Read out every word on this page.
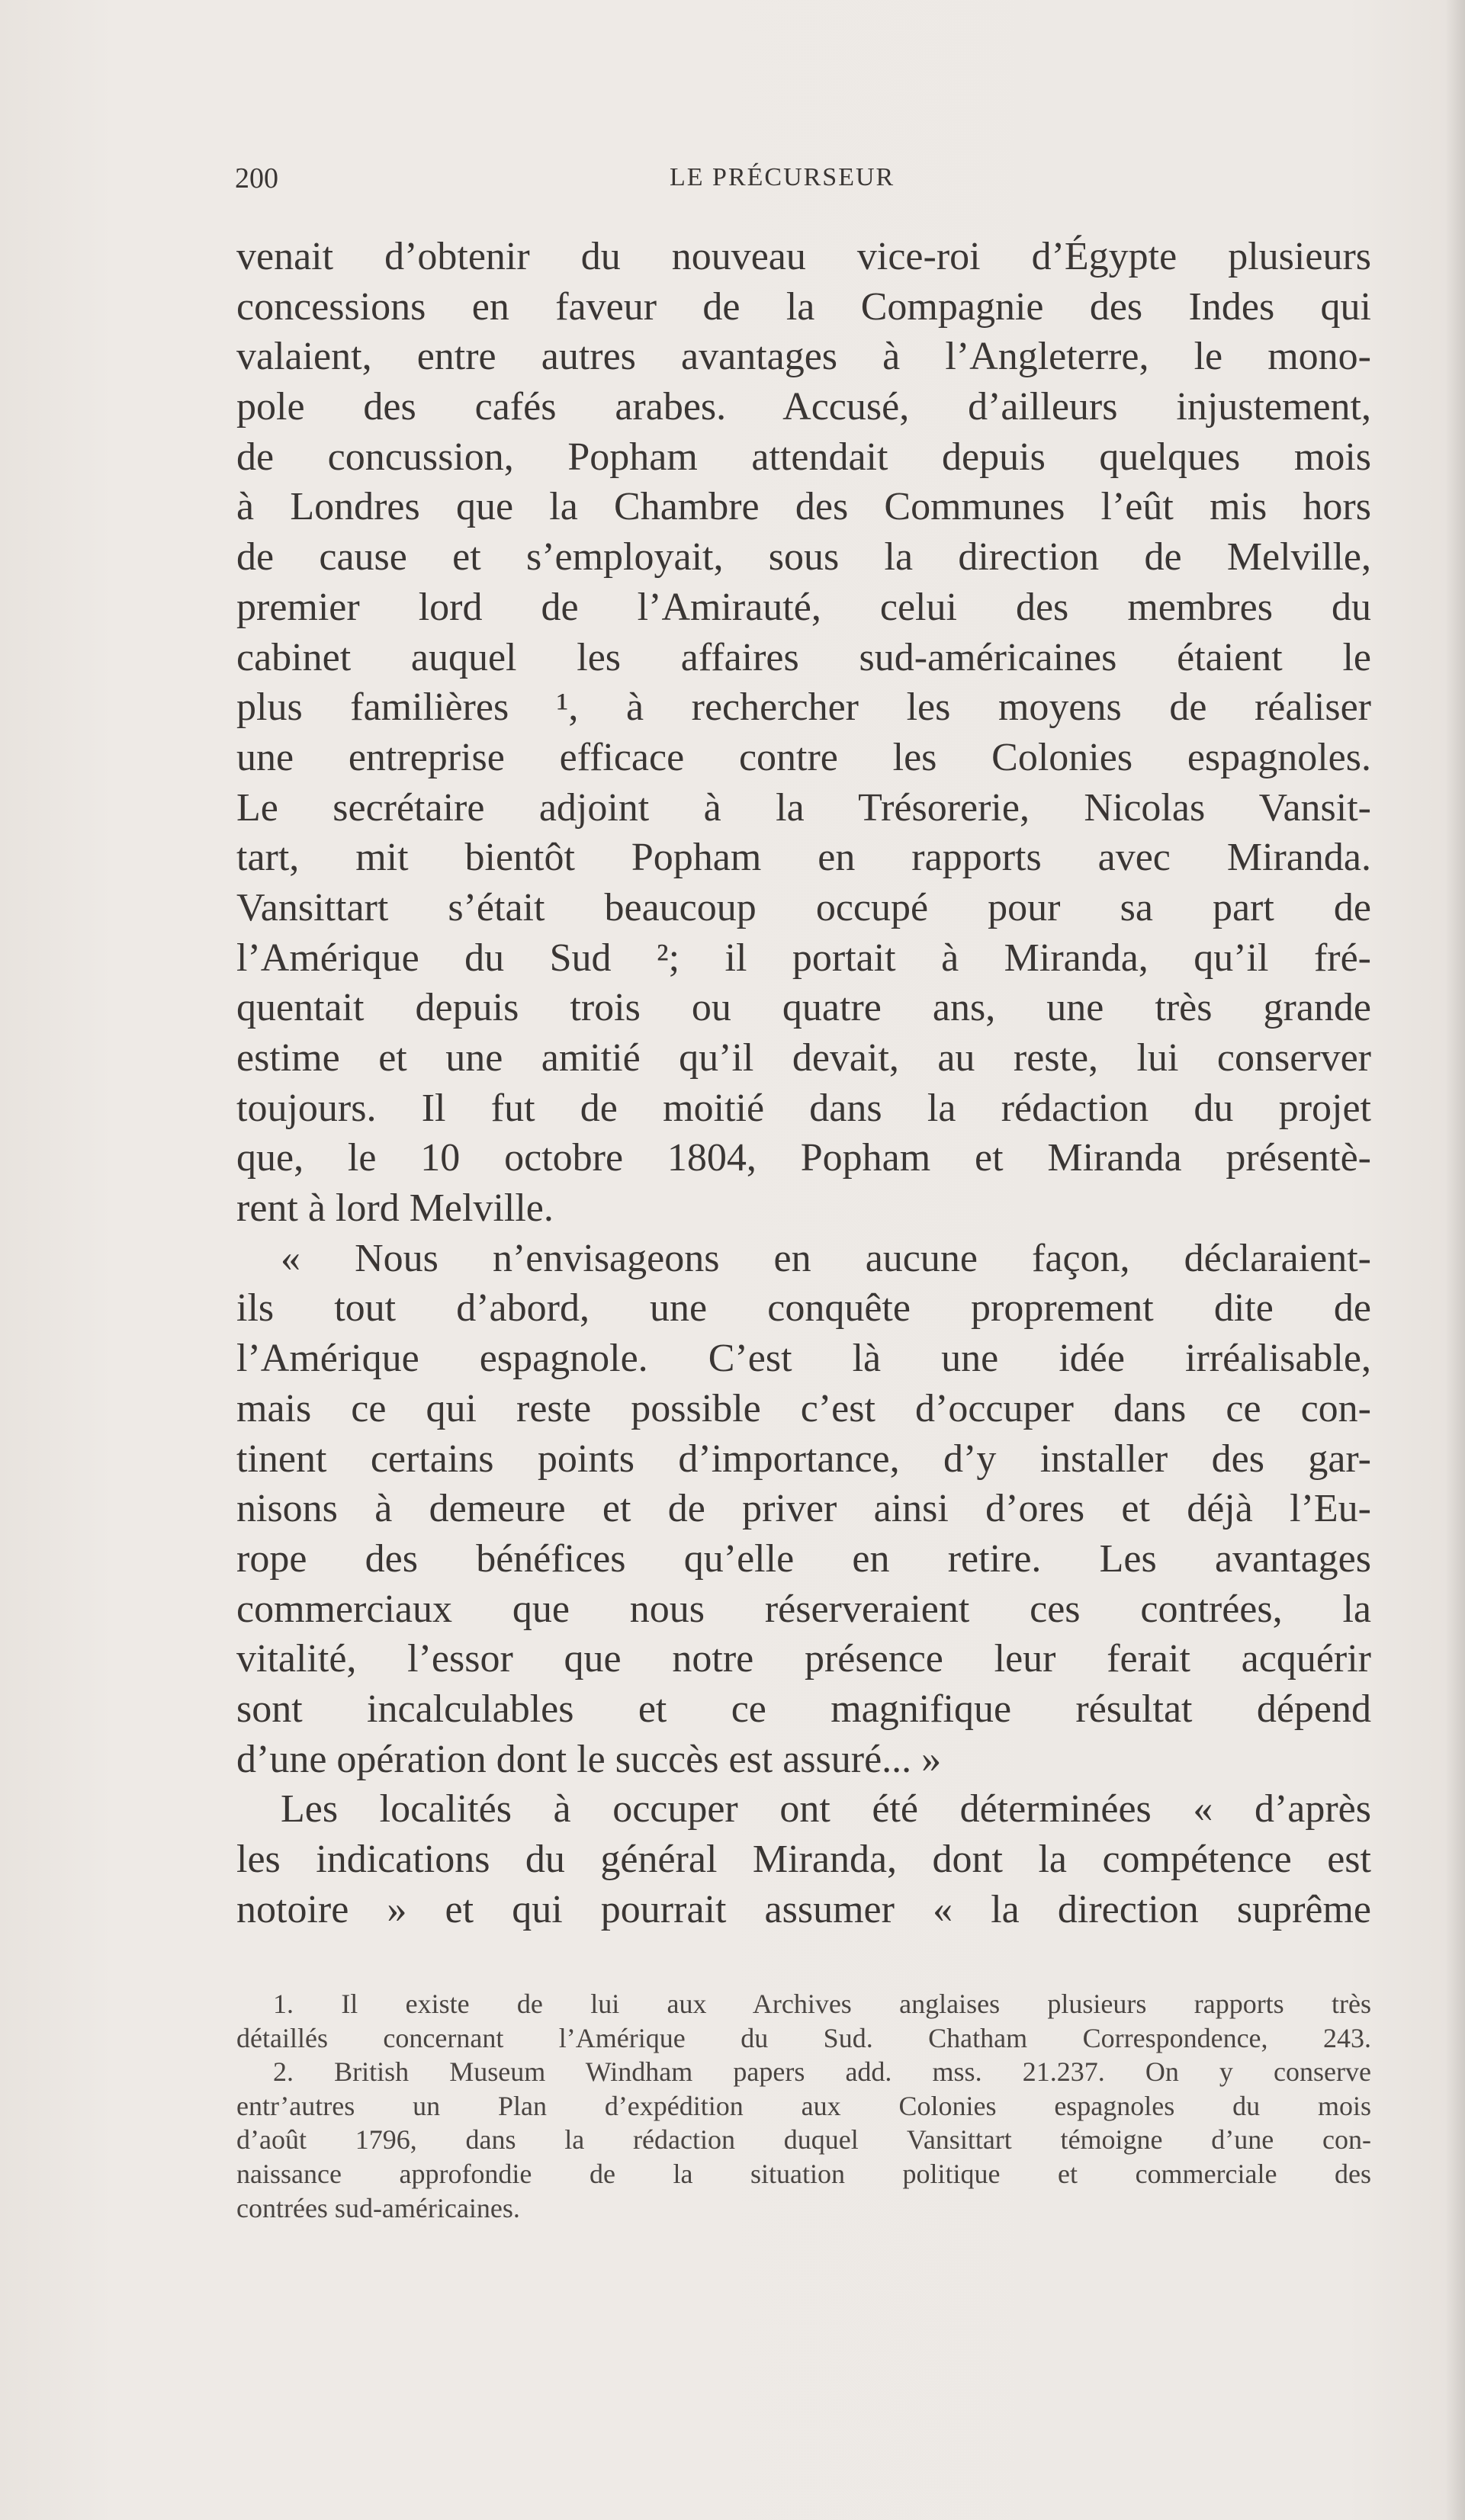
200	LE PRÉCURSEUR
venait d’obtenir du nouveau vice-roi d’Égypte plusieurs
concessions en faveur de la Compagnie des Indes qui
valaient, entre autres avantages à l’Angleterre, le mono-
pole des cafés arabes. Accusé, d’ailleurs injustement,
de concussion, Popham attendait depuis quelques mois
à Londres que la Chambre des Communes l’eût mis hors
de cause et s’employait, sous la direction de Melville,
premier lord de l’Amirauté, celui des membres du
cabinet auquel les affaires sud-américaines étaient le
plus familières ¹, à rechercher les moyens de réaliser
une entreprise efficace contre les Colonies espagnoles.
Le secrétaire adjoint à la Trésorerie, Nicolas Vansit-
tart, mit bientôt Popham en rapports avec Miranda.
Vansittart s’était beaucoup occupé pour sa part de
l’Amérique du Sud ²; il portait à Miranda, qu’il fré-
quentait depuis trois ou quatre ans, une très grande
estime et une amitié qu’il devait, au reste, lui conserver
toujours. Il fut de moitié dans la rédaction du projet
que, le 10 octobre 1804, Popham et Miranda présentè-
rent à lord Melville.
« Nous n’envisageons en aucune façon, déclaraient-
ils tout d’abord, une conquête proprement dite de
l’Amérique espagnole. C’est là une idée irréalisable,
mais ce qui reste possible c’est d’occuper dans ce con-
tinent certains points d’importance, d’y installer des gar-
nisons à demeure et de priver ainsi d’ores et déjà l’Eu-
rope des bénéfices qu’elle en retire. Les avantages
commerciaux que nous réserveraient ces contrées, la
vitalité, l’essor que notre présence leur ferait acquérir
sont incalculables et ce magnifique résultat dépend
d’une opération dont le succès est assuré... »
Les localités à occuper ont été déterminées « d’après
les indications du général Miranda, dont la compétence est
notoire » et qui pourrait assumer « la direction suprême
1. Il existe de lui aux Archives anglaises plusieurs rapports très
détaillés concernant l’Amérique du Sud. Chatham Correspondence, 243.
2. British Museum Windham papers add. mss. 21.237. On y conserve
entr’autres un Plan d’expédition aux Colonies espagnoles du mois
d’août 1796, dans la rédaction duquel Vansittart témoigne d’une con-
naissance approfondie de la situation politique et commerciale des
contrées sud-américaines.
